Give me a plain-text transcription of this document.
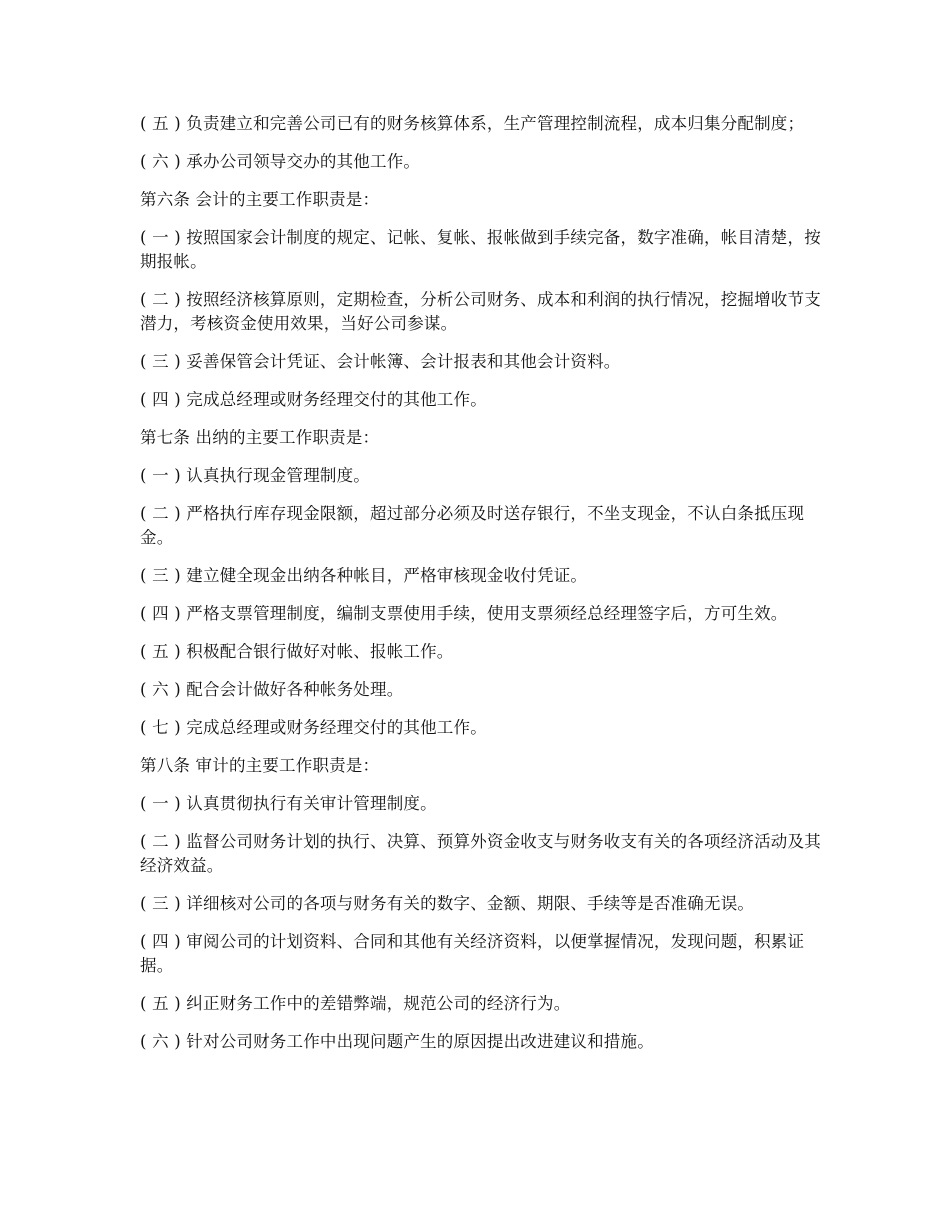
( 五 ) 负责建立和完善公司已有的财务核算体系，生产管理控制流程，成本归集分配制度；

( 六 ) 承办公司领导交办的其他工作。

第六条 会计的主要工作职责是：

( 一 ) 按照国家会计制度的规定、记帐、复帐、报帐做到手续完备，数字准确，帐目清楚，按期报帐。

( 二 ) 按照经济核算原则，定期检查，分析公司财务、成本和利润的执行情况，挖掘增收节支潜力，考核资金使用效果，当好公司参谋。

( 三 ) 妥善保管会计凭证、会计帐簿、会计报表和其他会计资料。

( 四 ) 完成总经理或财务经理交付的其他工作。

第七条 出纳的主要工作职责是：

( 一 ) 认真执行现金管理制度。

( 二 ) 严格执行库存现金限额，超过部分必须及时送存银行，不坐支现金，不认白条抵压现金。

( 三 ) 建立健全现金出纳各种帐目，严格审核现金收付凭证。

( 四 ) 严格支票管理制度，编制支票使用手续，使用支票须经总经理签字后，方可生效。

( 五 ) 积极配合银行做好对帐、报帐工作。

( 六 ) 配合会计做好各种帐务处理。

( 七 ) 完成总经理或财务经理交付的其他工作。

第八条 审计的主要工作职责是：

( 一 ) 认真贯彻执行有关审计管理制度。

( 二 ) 监督公司财务计划的执行、决算、预算外资金收支与财务收支有关的各项经济活动及其经济效益。

( 三 ) 详细核对公司的各项与财务有关的数字、金额、期限、手续等是否准确无误。

( 四 ) 审阅公司的计划资料、合同和其他有关经济资料，以便掌握情况，发现问题，积累证据。

( 五 ) 纠正财务工作中的差错弊端，规范公司的经济行为。

( 六 ) 针对公司财务工作中出现问题产生的原因提出改进建议和措施。
